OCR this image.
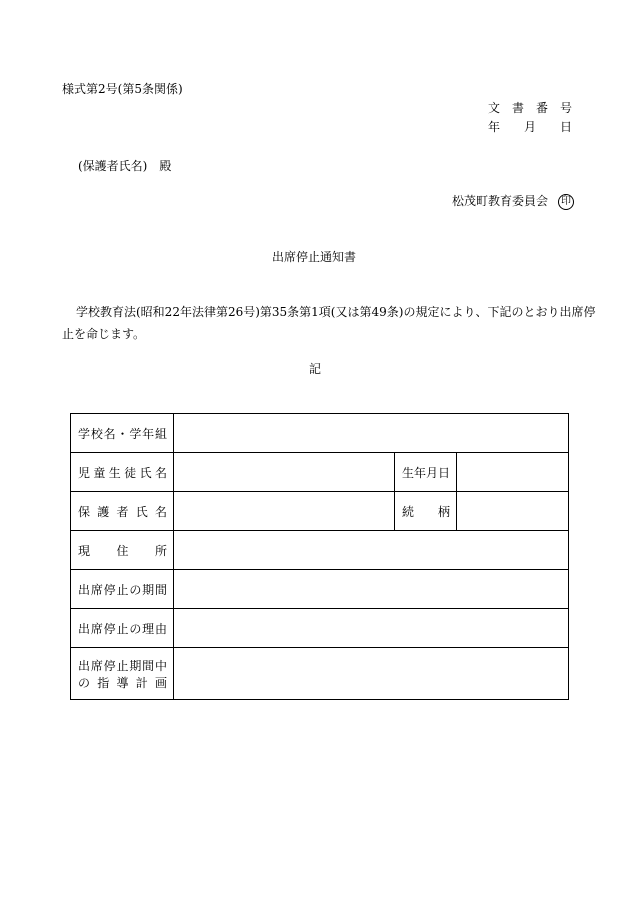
様式第2号(第5条関係)
文　書　番　号
年　　月　　日
(保護者氏名)　殿
松茂町教育委員会 印
出席停止通知書
学校教育法(昭和22年法律第26号)第35条第1項(又は第49条)の規定により、下記のとおり出席停
止を命じます。
記
学校名・学年組			

児童生徒氏名		生年月日	

保護者氏名		続　　柄	

現住所			

出席停止の期間			

出席停止の理由			

出席停止期間中
の指導計画			
